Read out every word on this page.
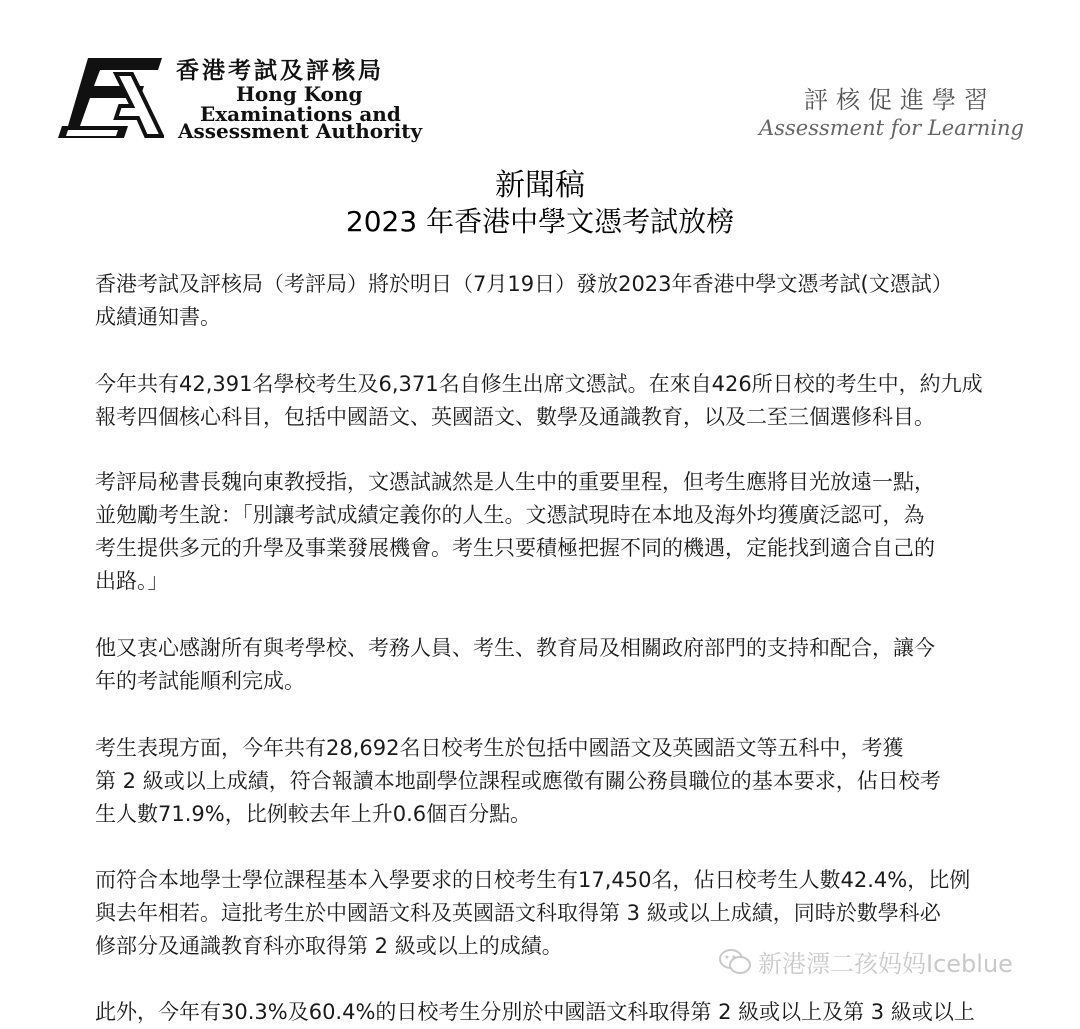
香港考試及評核局
Hong Kong
Examinations and
Assessment Authority
評核促進學習
Assessment for Learning
新聞稿
2023 年香港中學文憑考試放榜
香港考試及評核局（考評局）將於明日（7月19日）發放2023年香港中學文憑考試(文憑試）
成績通知書。
今年共有42,391名學校考生及6,371名自修生出席文憑試。在來自426所日校的考生中，約九成
報考四個核心科目，包括中國語文、英國語文、數學及通識教育，以及二至三個選修科目。
考評局秘書長魏向東教授指，文憑試誠然是人生中的重要里程，但考生應將目光放遠一點，
並勉勵考生說：「別讓考試成績定義你的人生。文憑試現時在本地及海外均獲廣泛認可，為
考生提供多元的升學及事業發展機會。考生只要積極把握不同的機遇，定能找到適合自己的
出路。」
他又衷心感謝所有與考學校、考務人員、考生、教育局及相關政府部門的支持和配合，讓今
年的考試能順利完成。
考生表現方面，今年共有28,692名日校考生於包括中國語文及英國語文等五科中，考獲
第 2 級或以上成績，符合報讀本地副學位課程或應徵有關公務員職位的基本要求，佔日校考
生人數71.9%，比例較去年上升0.6個百分點。
而符合本地學士學位課程基本入學要求的日校考生有17,450名，佔日校考生人數42.4%，比例
與去年相若。這批考生於中國語文科及英國語文科取得第 3 級或以上成績，同時於數學科必
修部分及通識教育科亦取得第 2 級或以上的成績。
此外，今年有30.3%及60.4%的日校考生分別於中國語文科取得第 2 級或以上及第 3 級或以上
新港漂二孩妈妈Iceblue
